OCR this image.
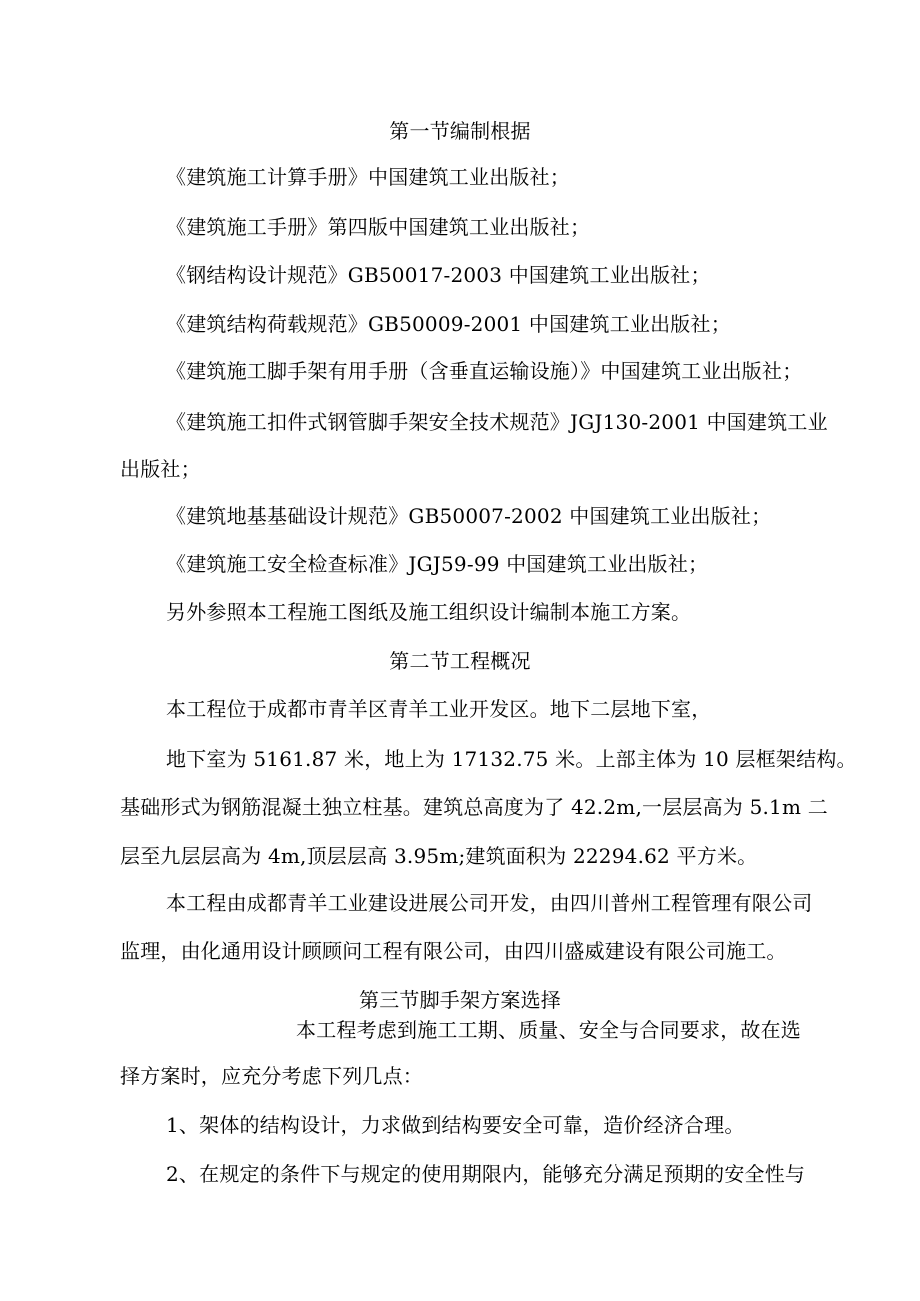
第一节编制根据
《建筑施工计算手册》中国建筑工业出版社；
《建筑施工手册》第四版中国建筑工业出版社；
《钢结构设计规范》GB50017-2003 中国建筑工业出版社；
《建筑结构荷载规范》GB50009-2001 中国建筑工业出版社；
《建筑施工脚手架有用手册（含垂直运输设施）》中国建筑工业出版社；
《建筑施工扣件式钢管脚手架安全技术规范》JGJ130-2001 中国建筑工业
出版社；
《建筑地基基础设计规范》GB50007-2002 中国建筑工业出版社；
《建筑施工安全检查标准》JGJ59-99 中国建筑工业出版社；
另外参照本工程施工图纸及施工组织设计编制本施工方案。
第二节工程概况
本工程位于成都市青羊区青羊工业开发区。地下二层地下室，
地下室为 5161.87 米，地上为 17132.75 米。上部主体为 10 层框架结构。
基础形式为钢筋混凝土独立柱基。建筑总高度为了 42.2m,一层层高为 5.1m 二
层至九层层高为 4m,顶层层高 3.95m;建筑面积为 22294.62 平方米。
本工程由成都青羊工业建设进展公司开发，由四川普州工程管理有限公司
监理，由化通用设计顾顾问工程有限公司，由四川盛威建设有限公司施工。
第三节脚手架方案选择
本工程考虑到施工工期、质量、安全与合同要求，故在选
择方案时，应充分考虑下列几点：
1、架体的结构设计，力求做到结构要安全可靠，造价经济合理。
2、在规定的条件下与规定的使用期限内，能够充分满足预期的安全性与
